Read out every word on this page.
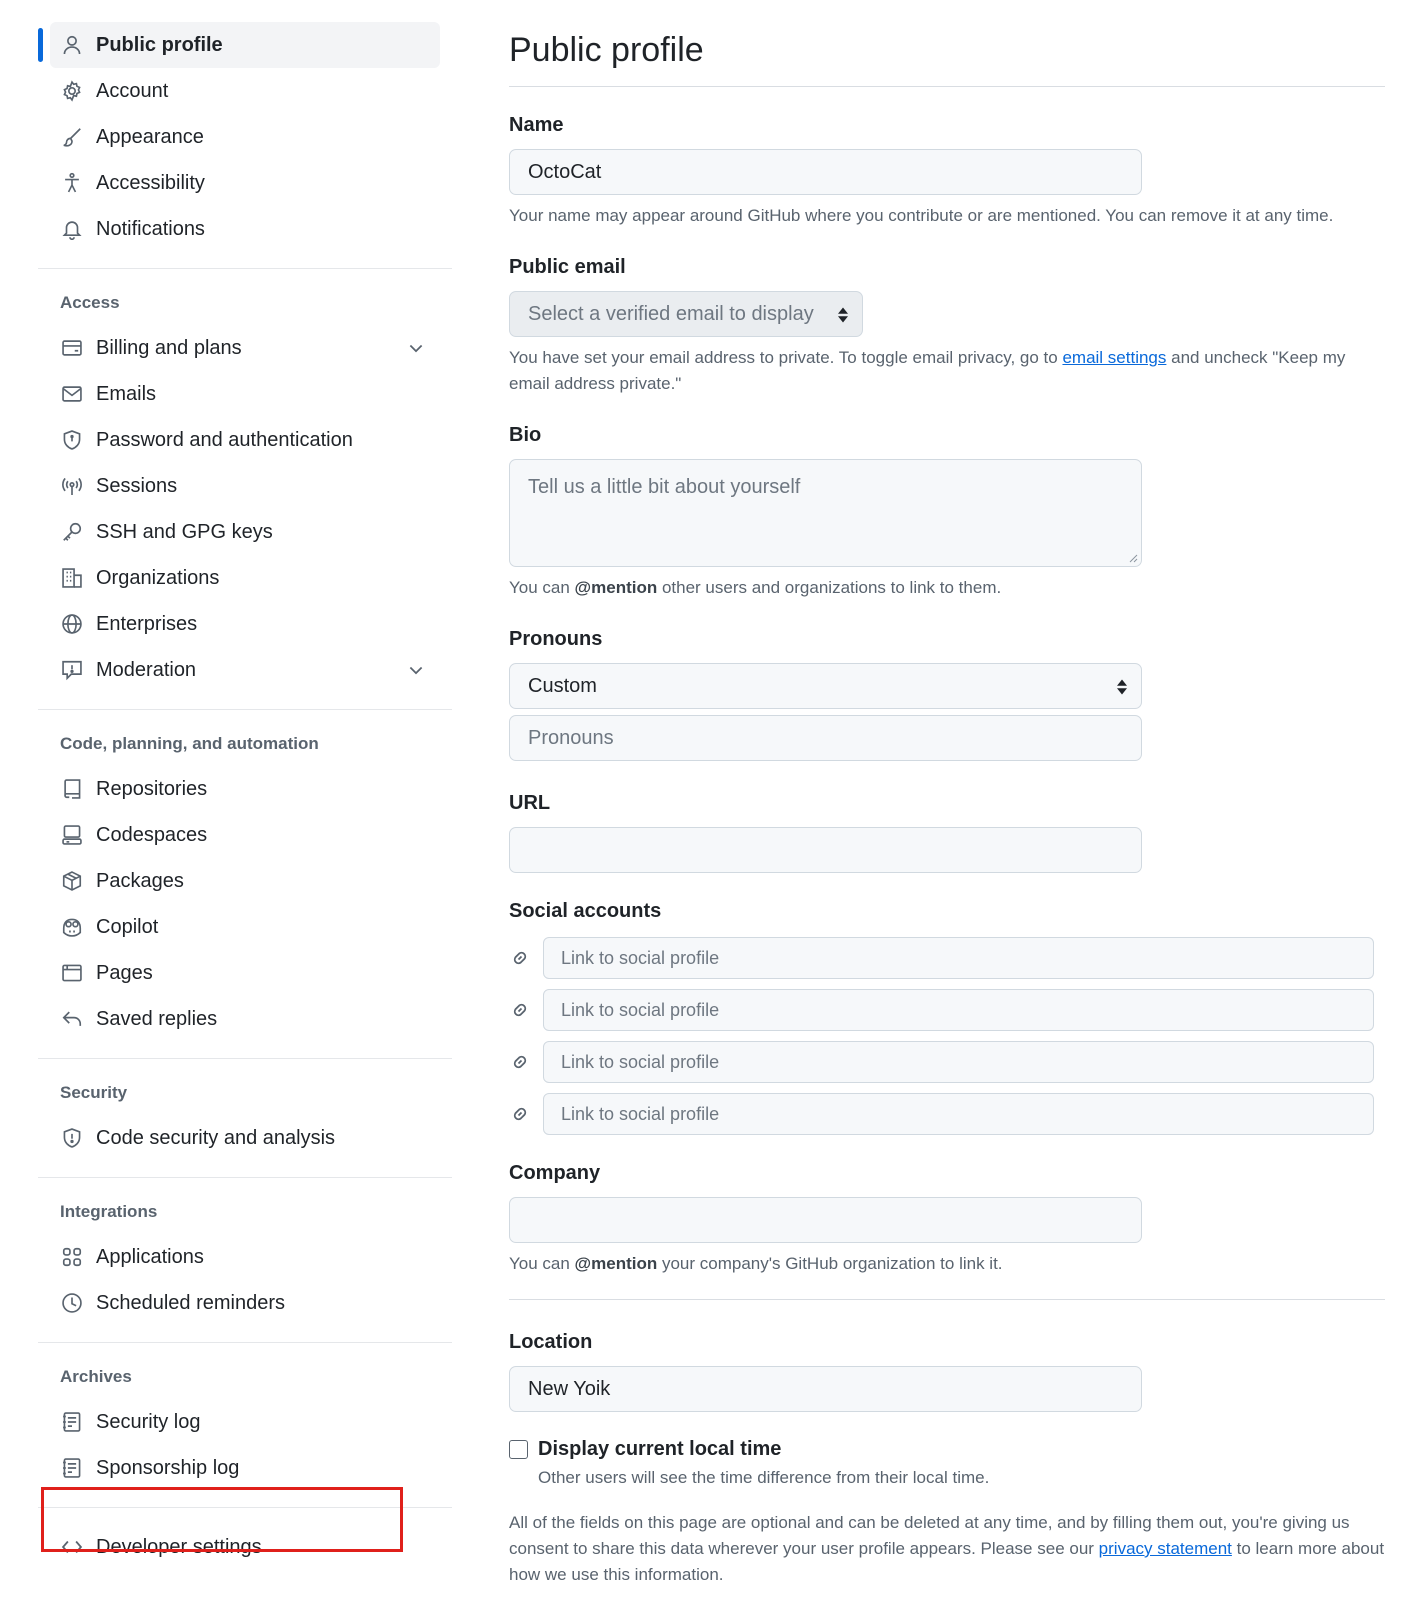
Public profile
Account
Appearance
Accessibility
Notifications
Access
Billing and plans
Emails
Password and authentication
Sessions
SSH and GPG keys
Organizations
Enterprises
Moderation
Code, planning, and automation
Repositories
Codespaces
Packages
Copilot
Pages
Saved replies
Security
Code security and analysis
Integrations
Applications
Scheduled reminders
Archives
Security log
Sponsorship log
Developer settings
Public profile
Name
OctoCat

Your name may appear around GitHub where you contribute or are mentioned. You can remove it at any time.

Public email
Select a verified email to display

You have set your email address to private. To toggle email privacy, go to email settings and uncheck "Keep my email address private."

Bio
Tell us a little bit about yourself

You can @mention other users and organizations to link to them.

Pronouns
Custom
Pronouns
URL
Social accounts
Link to social profile
Link to social profile
Link to social profile
Link to social profile
Company

You can @mention your company's GitHub organization to link it.

Location
New Yoik
Display current local time

Other users will see the time difference from their local time.

All of the fields on this page are optional and can be deleted at any time, and by filling them out, you're giving us consent to share this data wherever your user profile appears. Please see our privacy statement to learn more about how we use this information.
